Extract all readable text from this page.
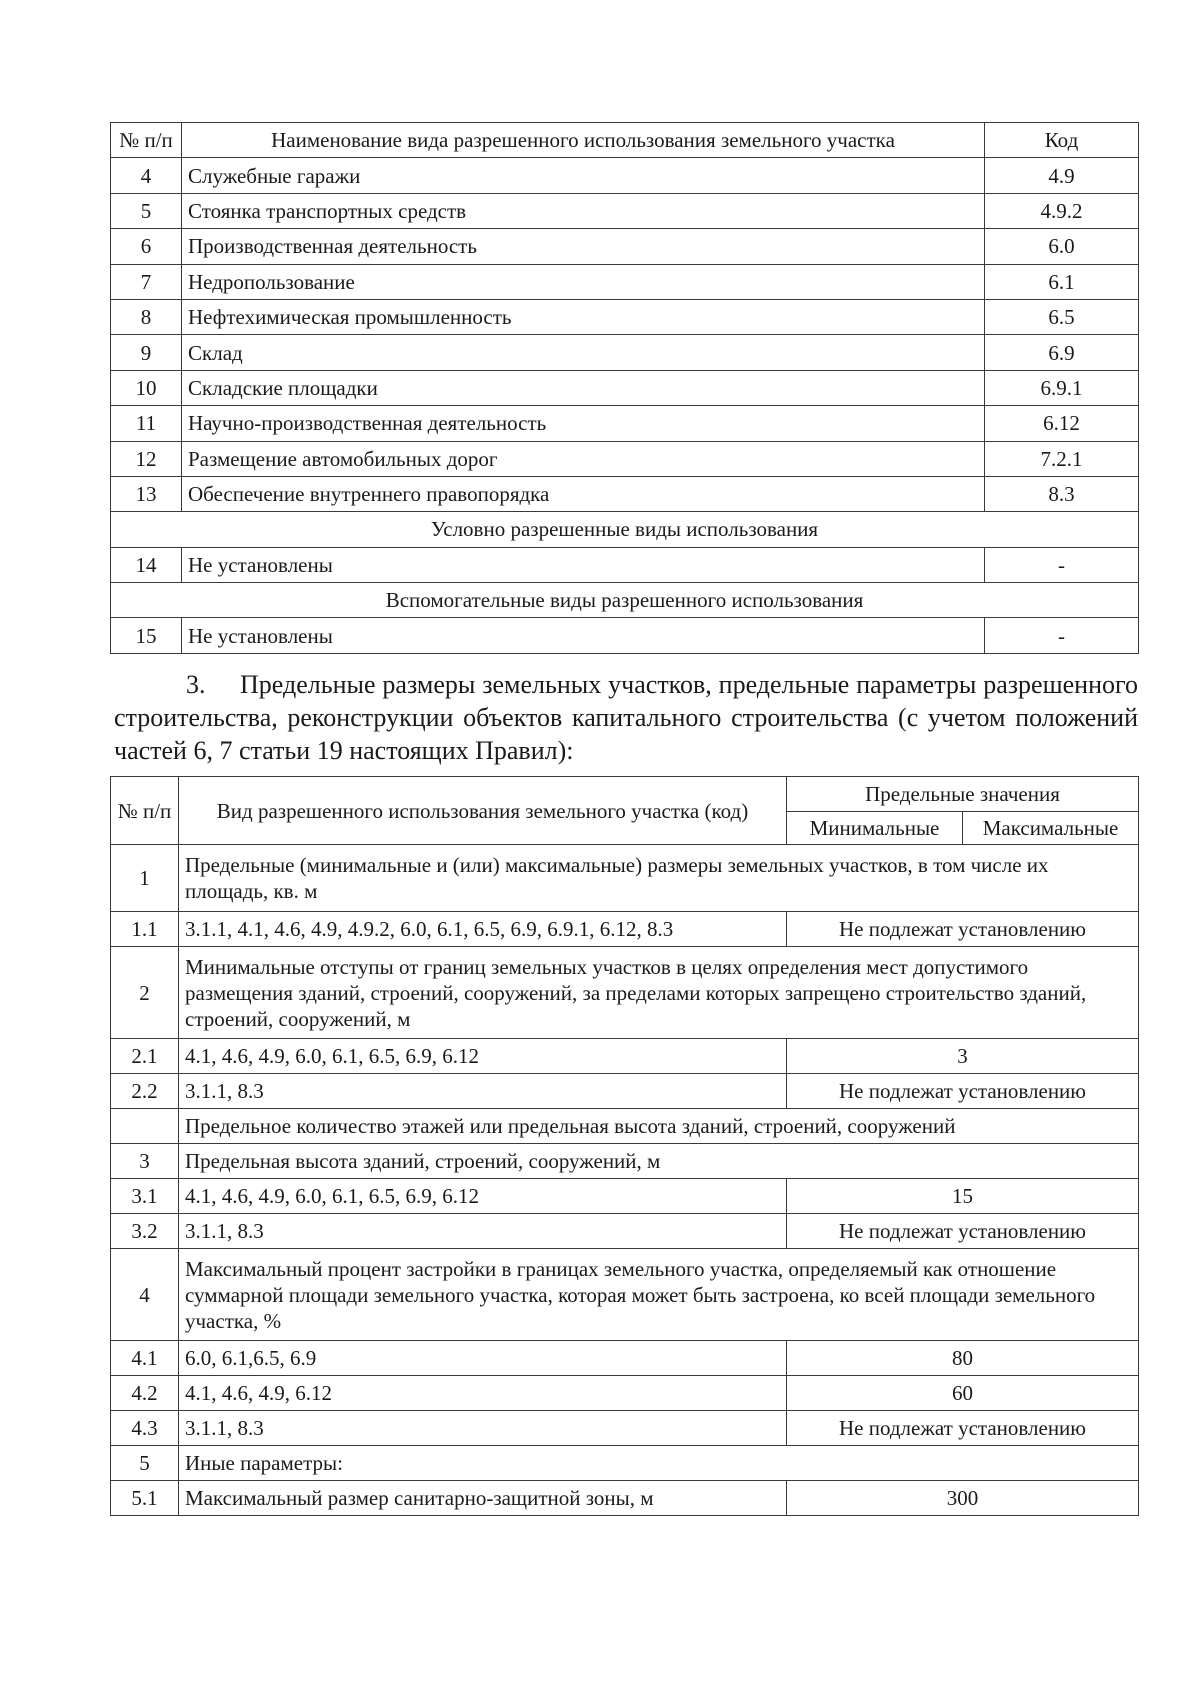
№ п/п	Наименование вида разрешенного использования земельного участка	Код
4	Служебные гаражи	4.9
5	Стоянка транспортных средств	4.9.2
6	Производственная деятельность	6.0
7	Недропользование	6.1
8	Нефтехимическая промышленность	6.5
9	Склад	6.9
10	Складские площадки	6.9.1
11	Научно-производственная деятельность	6.12
12	Размещение автомобильных дорог	7.2.1
13	Обеспечение внутреннего правопорядка	8.3
Условно разрешенные виды использования		
14	Не установлены	-
Вспомогательные виды разрешенного использования		
15	Не установлены	-

3. Предельные размеры земельных участков, предельные параметры разрешенного строительства, реконструкции объектов капитального строительства (с учетом положений частей 6, 7 статьи 19 настоящих Правил):

№ п/п	Вид разрешенного использования земельного участка (код)	Предельные значения	
		Минимальные	Максимальные
1	Предельные (минимальные и (или) максимальные) размеры земельных участков, в том числе их площадь, кв. м		
1.1	3.1.1, 4.1, 4.6, 4.9, 4.9.2, 6.0, 6.1, 6.5, 6.9, 6.9.1, 6.12, 8.3	Не подлежат установлению	
2	Минимальные отступы от границ земельных участков в целях определения мест допустимого размещения зданий, строений, сооружений, за пределами которых запрещено строительство зданий, строений, сооружений, м		
2.1	4.1, 4.6, 4.9, 6.0, 6.1, 6.5, 6.9, 6.12	3	
2.2	3.1.1, 8.3	Не подлежат установлению	
	Предельное количество этажей или предельная высота зданий, строений, сооружений		
3	Предельная высота зданий, строений, сооружений, м		
3.1	4.1, 4.6, 4.9, 6.0, 6.1, 6.5, 6.9, 6.12	15	
3.2	3.1.1, 8.3	Не подлежат установлению	
4	Максимальный процент застройки в границах земельного участка, определяемый как отношение суммарной площади земельного участка, которая может быть застроена, ко всей площади земельного участка, %		
4.1	6.0, 6.1,6.5, 6.9	80	
4.2	4.1, 4.6, 4.9, 6.12	60	
4.3	3.1.1, 8.3	Не подлежат установлению	
5	Иные параметры:		
5.1	Максимальный размер санитарно-защитной зоны, м	300	
